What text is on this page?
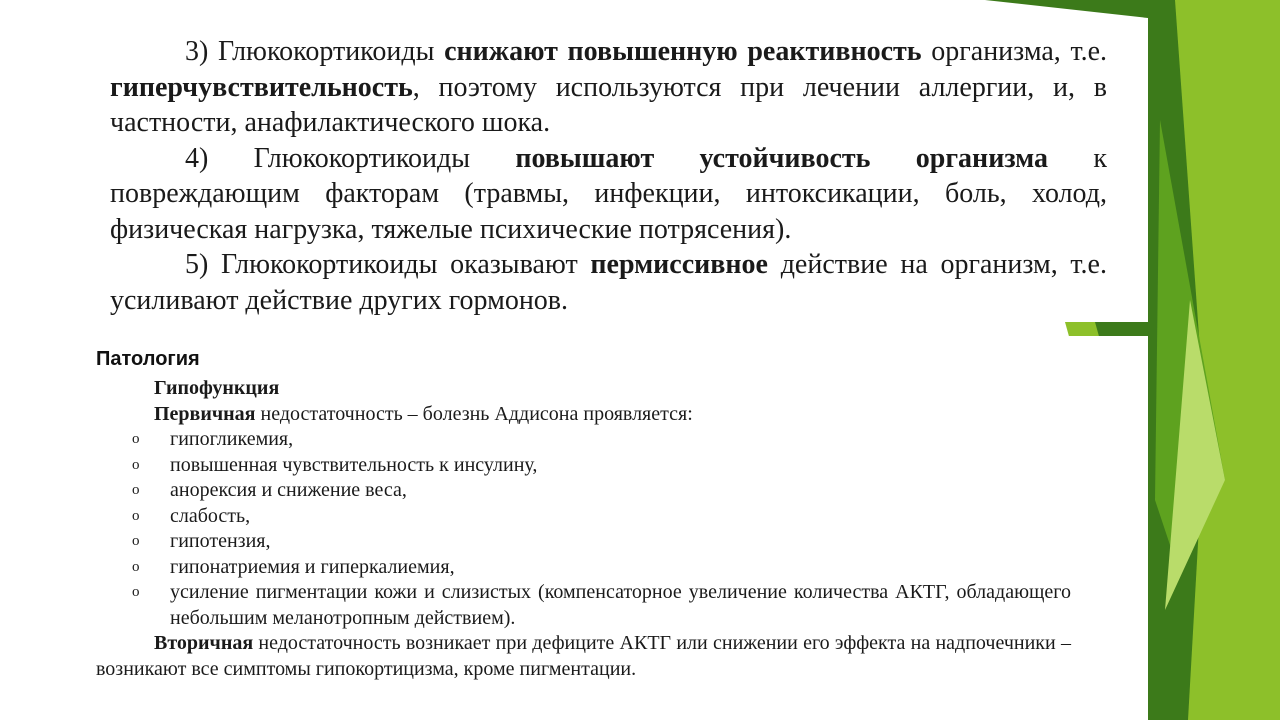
3) Глюкокортикоиды снижают повышенную реактивность организма, т.е. гиперчувствительность, поэтому используются при лечении аллергии, и, в частности, анафилактического шока.

4) Глюкокортикоиды повышают устойчивость организма к повреждающим факторам (травмы, инфекции, интоксикации, боль, холод, физическая нагрузка, тяжелые психические потрясения).

5) Глюкокортикоиды оказывают пермиссивное действие на организм, т.е. усиливают действие других гормонов.

Патология

Гипофункция

Первичная недостаточность – болезнь Аддисона проявляется:

o гипогликемия,
o повышенная чувствительность к инсулину,
o анорексия и снижение веса,
o слабость,
o гипотензия,
o гипонатриемия и гиперкалиемия,
o усиление пигментации кожи и слизистых (компенсаторное увеличение количества АКТГ, обладающего небольшим меланотропным действием).

Вторичная недостаточность возникает при дефиците АКТГ или снижении его эффекта на надпочечники – возникают все симптомы гипокортицизма, кроме пигментации.
